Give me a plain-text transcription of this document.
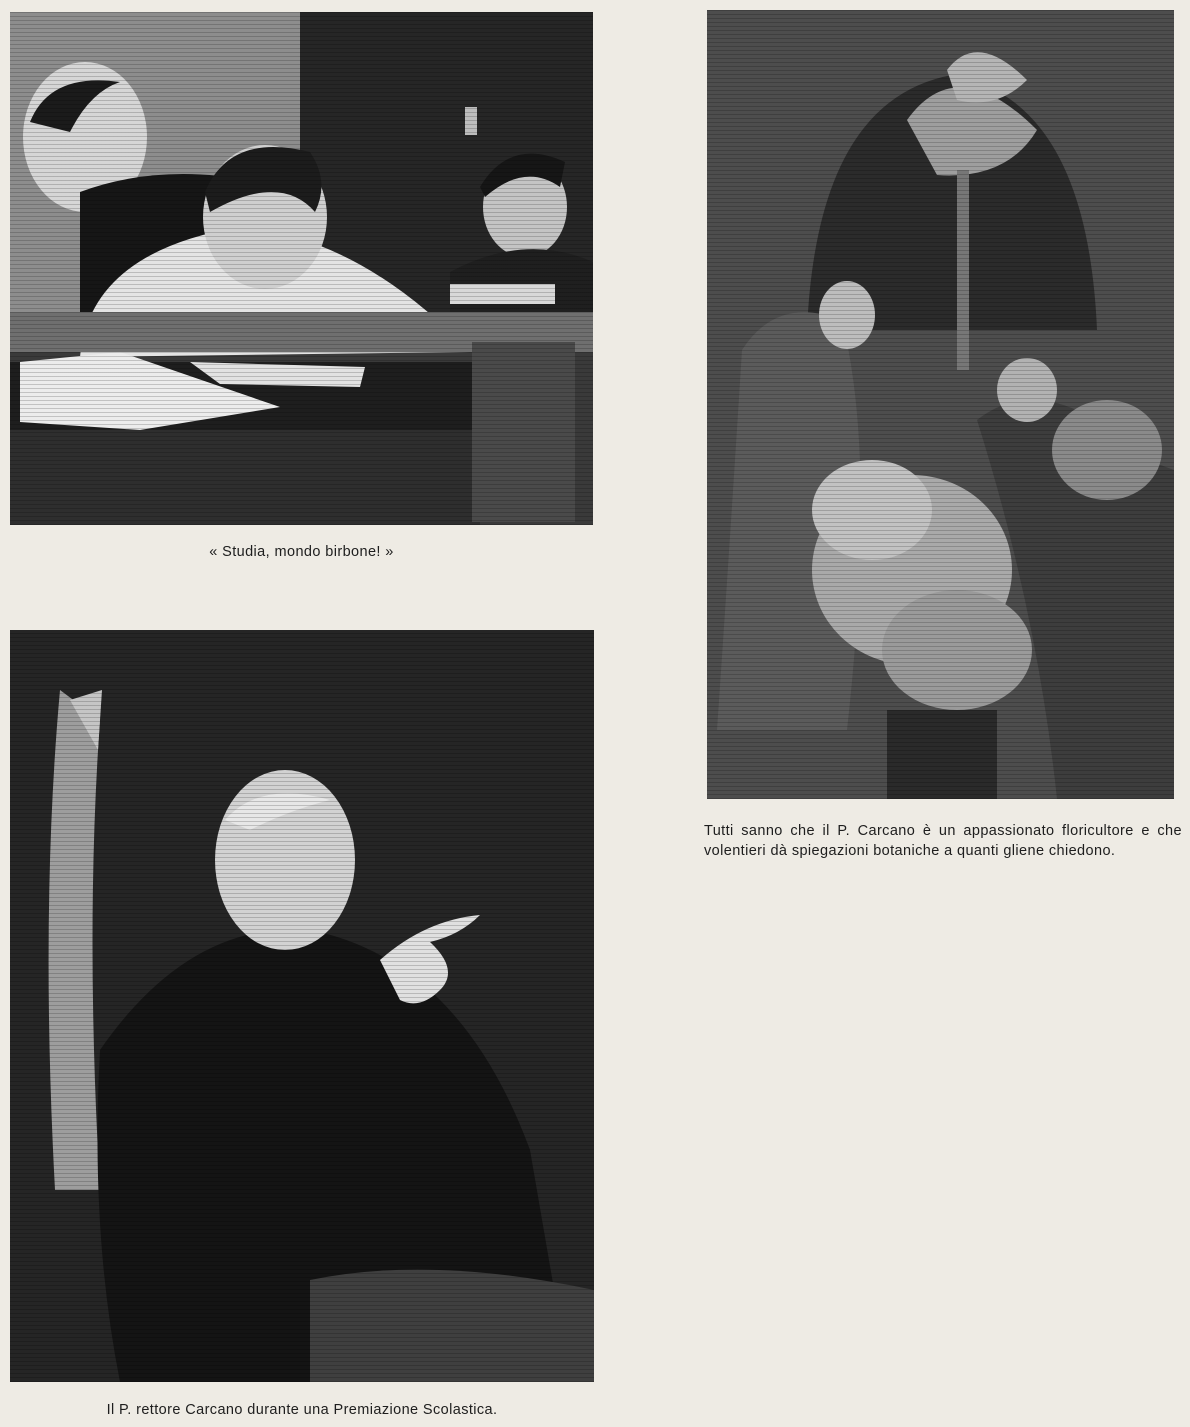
« Studia, mondo birbone! »

Tutti sanno che il P. Carcano è un appassionato floricultore e che volentieri dà spiegazioni botaniche a quanti gliene chiedono.

Il P. rettore Carcano durante una Premiazione Scolastica.
